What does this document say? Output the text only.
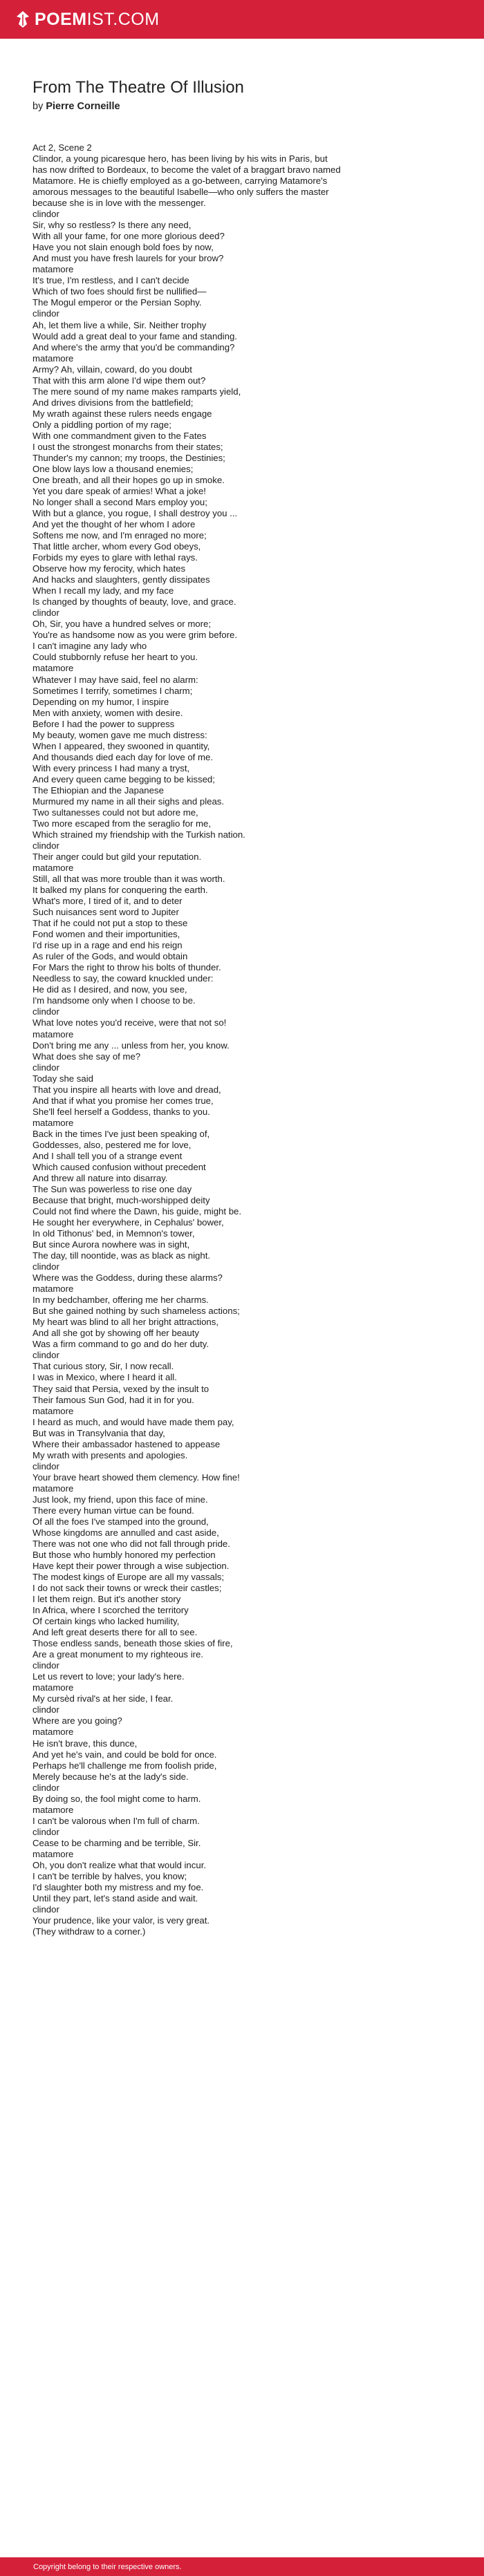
POEM IST.COM
From The Theatre Of Illusion
by Pierre Corneille
Act 2, Scene 2
Clindor, a young picaresque hero, has been living by his wits in Paris, but
has now drifted to Bordeaux, to become the valet of a braggart bravo named
Matamore. He is chiefly employed as a go-between, carrying Matamore's
amorous messages to the beautiful Isabelle—who only suffers the master
because she is in love with the messenger.
clindor
Sir, why so restless? Is there any need,
With all your fame, for one more glorious deed?
Have you not slain enough bold foes by now,
And must you have fresh laurels for your brow?
matamore
It's true, I'm restless, and I can't decide
Which of two foes should first be nullified—
The Mogul emperor or the Persian Sophy.
clindor
Ah, let them live a while, Sir. Neither trophy
Would add a great deal to your fame and standing.
And where's the army that you'd be commanding?
matamore
Army? Ah, villain, coward, do you doubt
That with this arm alone I'd wipe them out?
The mere sound of my name makes ramparts yield,
And drives divisions from the battlefield;
My wrath against these rulers needs engage
Only a piddling portion of my rage;
With one commandment given to the Fates
I oust the strongest monarchs from their states;
Thunder's my cannon; my troops, the Destinies;
One blow lays low a thousand enemies;
One breath, and all their hopes go up in smoke.
Yet you dare speak of armies! What a joke!
No longer shall a second Mars employ you;
With but a glance, you rogue, I shall destroy you ...
And yet the thought of her whom I adore
Softens me now, and I'm enraged no more;
That little archer, whom every God obeys,
Forbids my eyes to glare with lethal rays.
Observe how my ferocity, which hates
And hacks and slaughters, gently dissipates
When I recall my lady, and my face
Is changed by thoughts of beauty, love, and grace.
clindor
Oh, Sir, you have a hundred selves or more;
You're as handsome now as you were grim before.
I can't imagine any lady who
Could stubbornly refuse her heart to you.
matamore
Whatever I may have said, feel no alarm:
Sometimes I terrify, sometimes I charm;
Depending on my humor, I inspire
Men with anxiety, women with desire.
Before I had the power to suppress
My beauty, women gave me much distress:
When I appeared, they swooned in quantity,
And thousands died each day for love of me.
With every princess I had many a tryst,
And every queen came begging to be kissed;
The Ethiopian and the Japanese
Murmured my name in all their sighs and pleas.
Two sultanesses could not but adore me,
Two more escaped from the seraglio for me,
Which strained my friendship with the Turkish nation.
clindor
Their anger could but gild your reputation.
matamore
Still, all that was more trouble than it was worth.
It balked my plans for conquering the earth.
What's more, I tired of it, and to deter
Such nuisances sent word to Jupiter
That if he could not put a stop to these
Fond women and their importunities,
I'd rise up in a rage and end his reign
As ruler of the Gods, and would obtain
For Mars the right to throw his bolts of thunder.
Needless to say, the coward knuckled under:
He did as I desired, and now, you see,
I'm handsome only when I choose to be.
clindor
What love notes you'd receive, were that not so!
matamore
Don't bring me any ... unless from her, you know.
What does she say of me?
clindor
Today she said
That you inspire all hearts with love and dread,
And that if what you promise her comes true,
She'll feel herself a Goddess, thanks to you.
matamore
Back in the times I've just been speaking of,
Goddesses, also, pestered me for love,
And I shall tell you of a strange event
Which caused confusion without precedent
And threw all nature into disarray.
The Sun was powerless to rise one day
Because that bright, much-worshipped deity
Could not find where the Dawn, his guide, might be.
He sought her everywhere, in Cephalus' bower,
In old Tithonus' bed, in Memnon's tower,
But since Aurora nowhere was in sight,
The day, till noontide, was as black as night.
clindor
Where was the Goddess, during these alarms?
matamore
In my bedchamber, offering me her charms.
But she gained nothing by such shameless actions;
My heart was blind to all her bright attractions,
And all she got by showing off her beauty
Was a firm command to go and do her duty.
clindor
That curious story, Sir, I now recall.
I was in Mexico, where I heard it all.
They said that Persia, vexed by the insult to
Their famous Sun God, had it in for you.
matamore
I heard as much, and would have made them pay,
But was in Transylvania that day,
Where their ambassador hastened to appease
My wrath with presents and apologies.
clindor
Your brave heart showed them clemency. How fine!
matamore
Just look, my friend, upon this face of mine.
There every human virtue can be found.
Of all the foes I've stamped into the ground,
Whose kingdoms are annulled and cast aside,
There was not one who did not fall through pride.
But those who humbly honored my perfection
Have kept their power through a wise subjection.
The modest kings of Europe are all my vassals;
I do not sack their towns or wreck their castles;
I let them reign. But it's another story
In Africa, where I scorched the territory
Of certain kings who lacked humility,
And left great deserts there for all to see.
Those endless sands, beneath those skies of fire,
Are a great monument to my righteous ire.
clindor
Let us revert to love; your lady's here.
matamore
My cursèd rival's at her side, I fear.
clindor
Where are you going?
matamore
He isn't brave, this dunce,
And yet he's vain, and could be bold for once.
Perhaps he'll challenge me from foolish pride,
Merely because he's at the lady's side.
clindor
By doing so, the fool might come to harm.
matamore
I can't be valorous when I'm full of charm.
clindor
Cease to be charming and be terrible, Sir.
matamore
Oh, you don't realize what that would incur.
I can't be terrible by halves, you know;
I'd slaughter both my mistress and my foe.
Until they part, let's stand aside and wait.
clindor
Your prudence, like your valor, is very great.
(They withdraw to a corner.)
Copyright belong to their respective owners.
